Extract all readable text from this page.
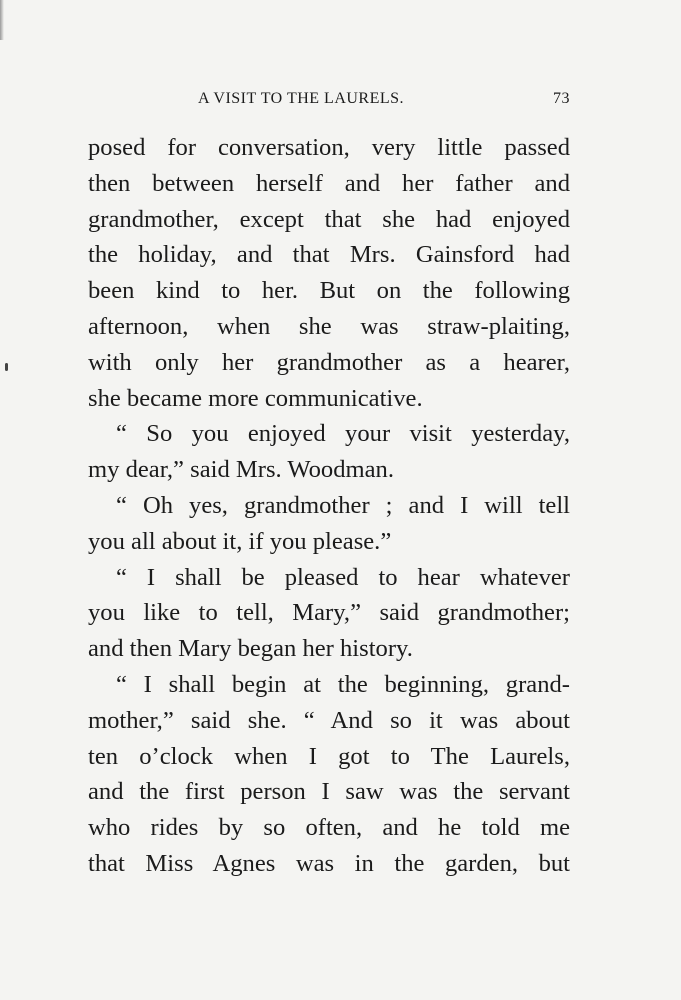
A VISIT TO THE LAURELS.	73
posed for conversation, very little passed
then between herself and her father and
grandmother, except that she had enjoyed
the holiday, and that Mrs. Gainsford had
been kind to her. But on the following
afternoon, when she was straw-plaiting,
with only her grandmother as a hearer,
she became more communicative.
“ So you enjoyed your visit yesterday,
my dear,” said Mrs. Woodman.
“ Oh yes, grandmother ; and I will tell
you all about it, if you please.”
“ I shall be pleased to hear whatever
you like to tell, Mary,” said grandmother;
and then Mary began her history.
“ I shall begin at the beginning, grand-
mother,” said she. “ And so it was about
ten o’clock when I got to The Laurels,
and the first person I saw was the servant
who rides by so often, and he told me
that Miss Agnes was in the garden, but
